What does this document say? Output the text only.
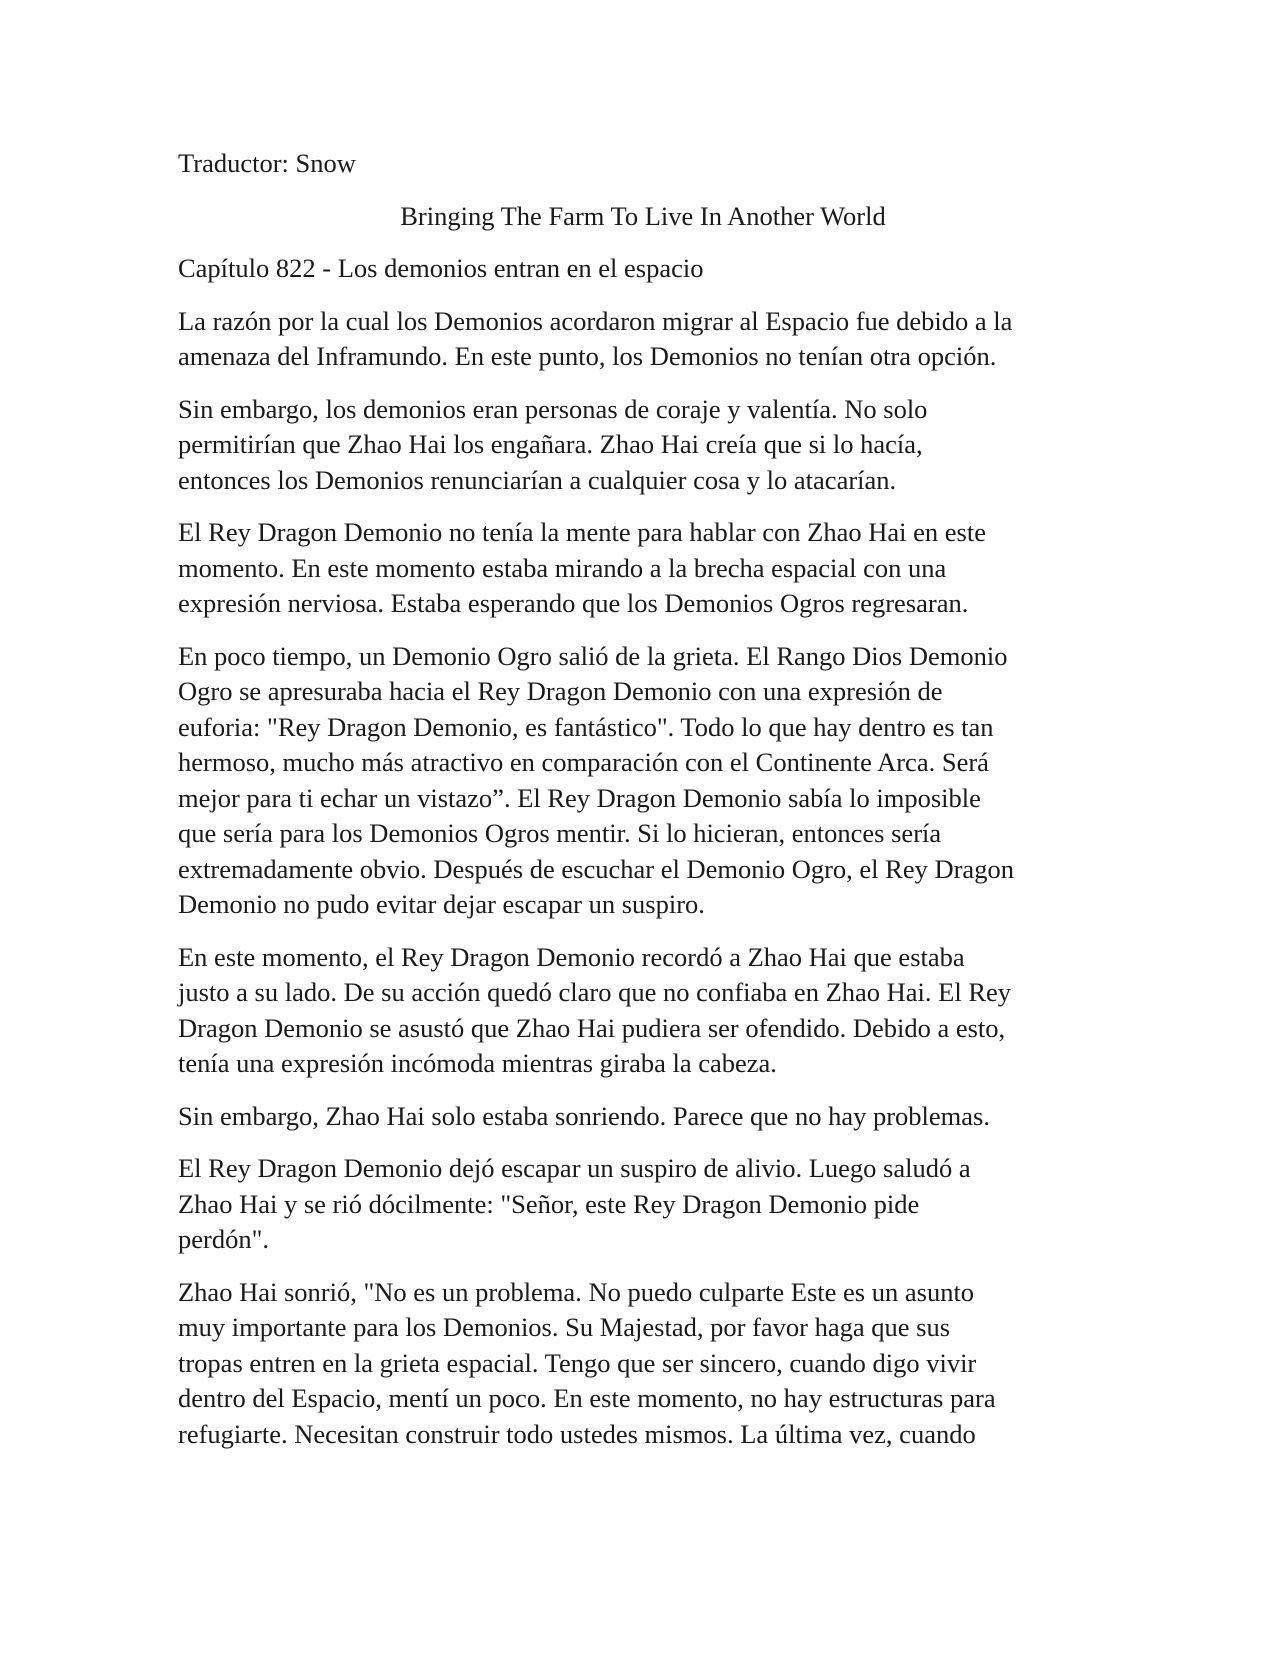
Traductor: Snow
Bringing The Farm To Live In Another World
Capítulo 822 - Los demonios entran en el espacio
La razón por la cual los Demonios acordaron migrar al Espacio fue debido a la
amenaza del Inframundo. En este punto, los Demonios no tenían otra opción.
Sin embargo, los demonios eran personas de coraje y valentía. No solo
permitirían que Zhao Hai los engañara. Zhao Hai creía que si lo hacía,
entonces los Demonios renunciarían a cualquier cosa y lo atacarían.
El Rey Dragon Demonio no tenía la mente para hablar con Zhao Hai en este
momento. En este momento estaba mirando a la brecha espacial con una
expresión nerviosa. Estaba esperando que los Demonios Ogros regresaran.
En poco tiempo, un Demonio Ogro salió de la grieta. El Rango Dios Demonio
Ogro se apresuraba hacia el Rey Dragon Demonio con una expresión de
euforia: "Rey Dragon Demonio, es fantástico". Todo lo que hay dentro es tan
hermoso, mucho más atractivo en comparación con el Continente Arca. Será
mejor para ti echar un vistazo”. El Rey Dragon Demonio sabía lo imposible
que sería para los Demonios Ogros mentir. Si lo hicieran, entonces sería
extremadamente obvio. Después de escuchar el Demonio Ogro, el Rey Dragon
Demonio no pudo evitar dejar escapar un suspiro.
En este momento, el Rey Dragon Demonio recordó a Zhao Hai que estaba
justo a su lado. De su acción quedó claro que no confiaba en Zhao Hai. El Rey
Dragon Demonio se asustó que Zhao Hai pudiera ser ofendido. Debido a esto,
tenía una expresión incómoda mientras giraba la cabeza.
Sin embargo, Zhao Hai solo estaba sonriendo. Parece que no hay problemas.
El Rey Dragon Demonio dejó escapar un suspiro de alivio. Luego saludó a
Zhao Hai y se rió dócilmente: "Señor, este Rey Dragon Demonio pide
perdón".
Zhao Hai sonrió, "No es un problema. No puedo culparte Este es un asunto
muy importante para los Demonios. Su Majestad, por favor haga que sus
tropas entren en la grieta espacial. Tengo que ser sincero, cuando digo vivir
dentro del Espacio, mentí un poco. En este momento, no hay estructuras para
refugiarte. Necesitan construir todo ustedes mismos. La última vez, cuando
